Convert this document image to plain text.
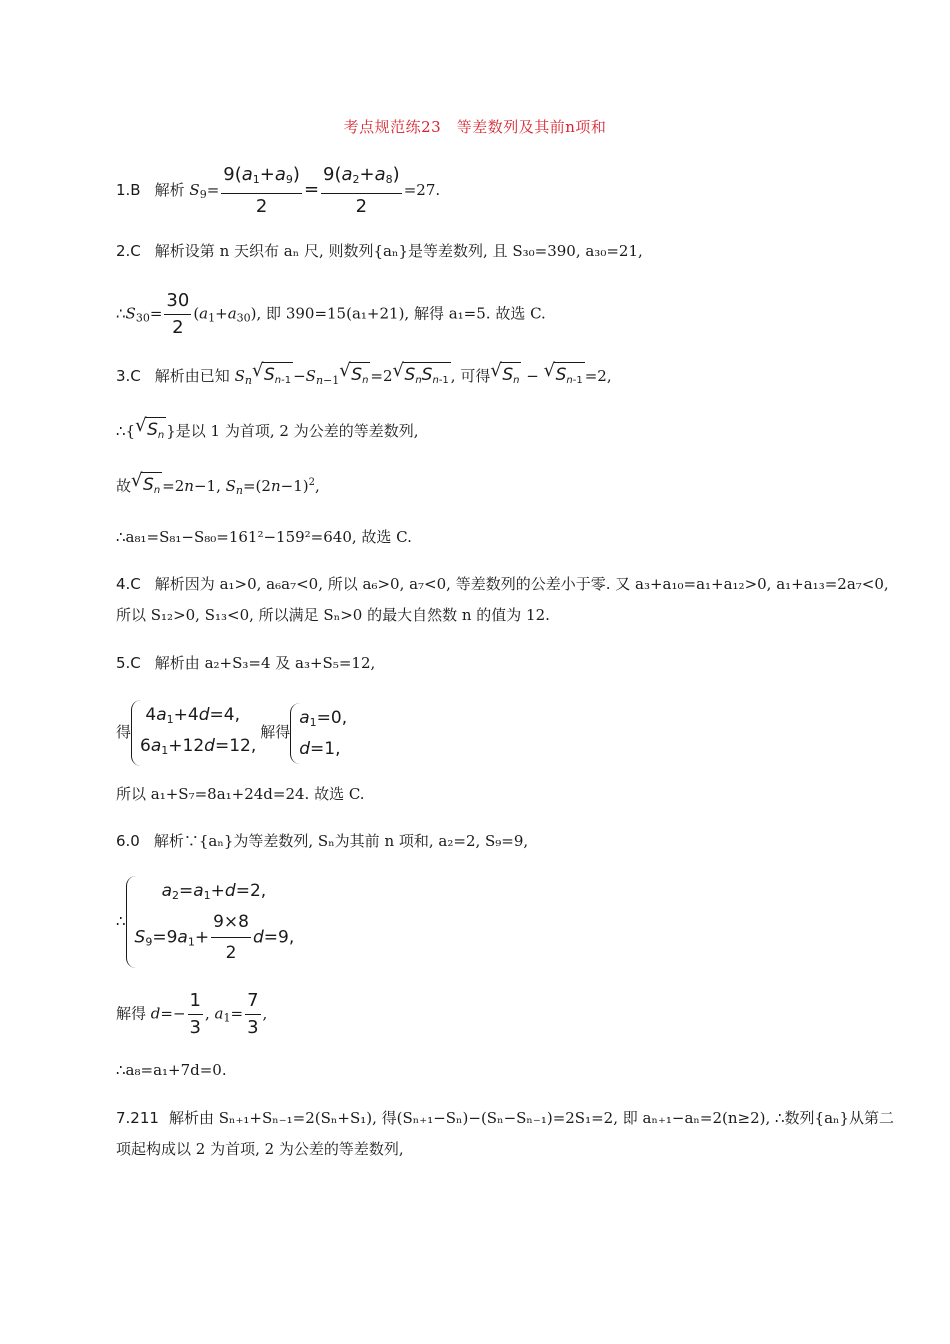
考点规范练23　等差数列及其前n项和
1.B 解析 $S_9= \frac{9(a1+a9)}{2} = \frac{9(a2+a8)}{2} =27$.
2.C 解析设第 n 天织布 aₙ 尺, 则数列{aₙ}是等差数列, 且 S₃₀=390, a₃₀=21,
$\therefore S_{30}= \frac{30}{2} (a_1+a_{30})$, 即 390=15(a₁+21), 解得 a₁=5. 故选 C.
3.C 解析由已知 $S_n$ √ $Sn-1 -S_{n-1}$ √ Sn =2 √ SnSn-1 , 可得 √ Sn − √ Sn-1 =2,
∴{ √ Sn }是以 1 为首项, 2 为公差的等差数列,
故 √ Sn =2n−1, $S_n=(2n-1)^2$,
∴a₈₁=S₈₁−S₈₀=161²−159²=640, 故选 C.
4.C 解析因为 a₁>0, a₆a₇<0, 所以 a₆>0, a₇<0, 等差数列的公差小于零. 又 a₃+a₁₀=a₁+a₁₂>0, a₁+a₁₃=2a₇<0,
所以 S₁₂>0, S₁₃<0, 所以满足 Sₙ>0 的最大自然数 n 的值为 12.
5.C 解析由 a₂+S₃=4 及 a₃+S₅=12,
得
4a1+4d=4,
6a1+12d=12,
解得
a1=0,
d=1,
所以 a₁+S₇=8a₁+24d=24. 故选 C.
6.0 解析∵{aₙ}为等差数列, Sₙ为其前 n 项和, a₂=2, S₉=9,
∴
a2=a1+d=2,
$S9=9a1+ \frac{9\times 8}{2} d=9$,
解得 $d=- \frac{1}{3}$ , $a_1= \frac{7}{3}$ ,
∴a₈=a₁+7d=0.
7.211 解析由 Sₙ₊₁+Sₙ₋₁=2(Sₙ+S₁), 得(Sₙ₊₁−Sₙ)−(Sₙ−Sₙ₋₁)=2S₁=2, 即 aₙ₊₁−aₙ=2(n≥2), ∴数列{aₙ}从第二
项起构成以 2 为首项, 2 为公差的等差数列,
